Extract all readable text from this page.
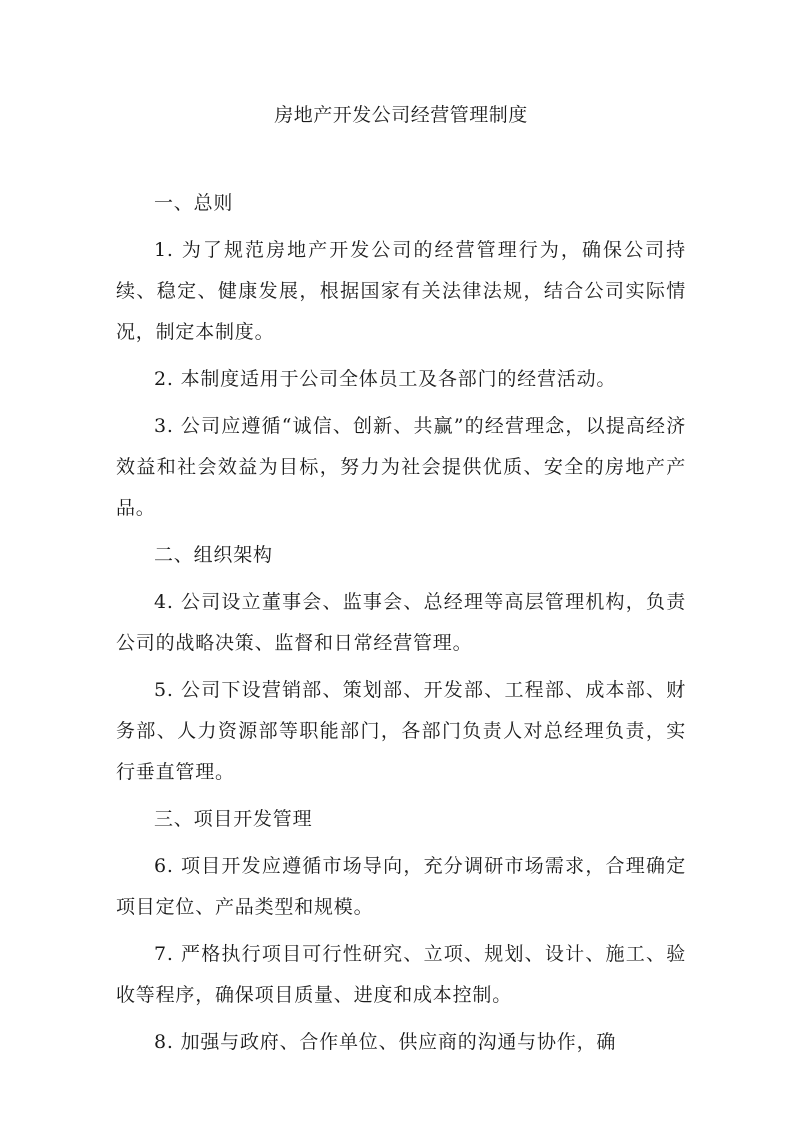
房地产开发公司经营管理制度

一、总则

1. 为了规范房地产开发公司的经营管理行为，确保公司持续、稳定、健康发展，根据国家有关法律法规，结合公司实际情况，制定本制度。

2. 本制度适用于公司全体员工及各部门的经营活动。

3. 公司应遵循“诚信、创新、共赢”的经营理念，以提高经济效益和社会效益为目标，努力为社会提供优质、安全的房地产产品。

二、组织架构

4. 公司设立董事会、监事会、总经理等高层管理机构，负责公司的战略决策、监督和日常经营管理。

5. 公司下设营销部、策划部、开发部、工程部、成本部、财务部、人力资源部等职能部门，各部门负责人对总经理负责，实行垂直管理。

三、项目开发管理

6. 项目开发应遵循市场导向，充分调研市场需求，合理确定项目定位、产品类型和规模。

7. 严格执行项目可行性研究、立项、规划、设计、施工、验收等程序，确保项目质量、进度和成本控制。

8. 加强与政府、合作单位、供应商的沟通与协作，确
